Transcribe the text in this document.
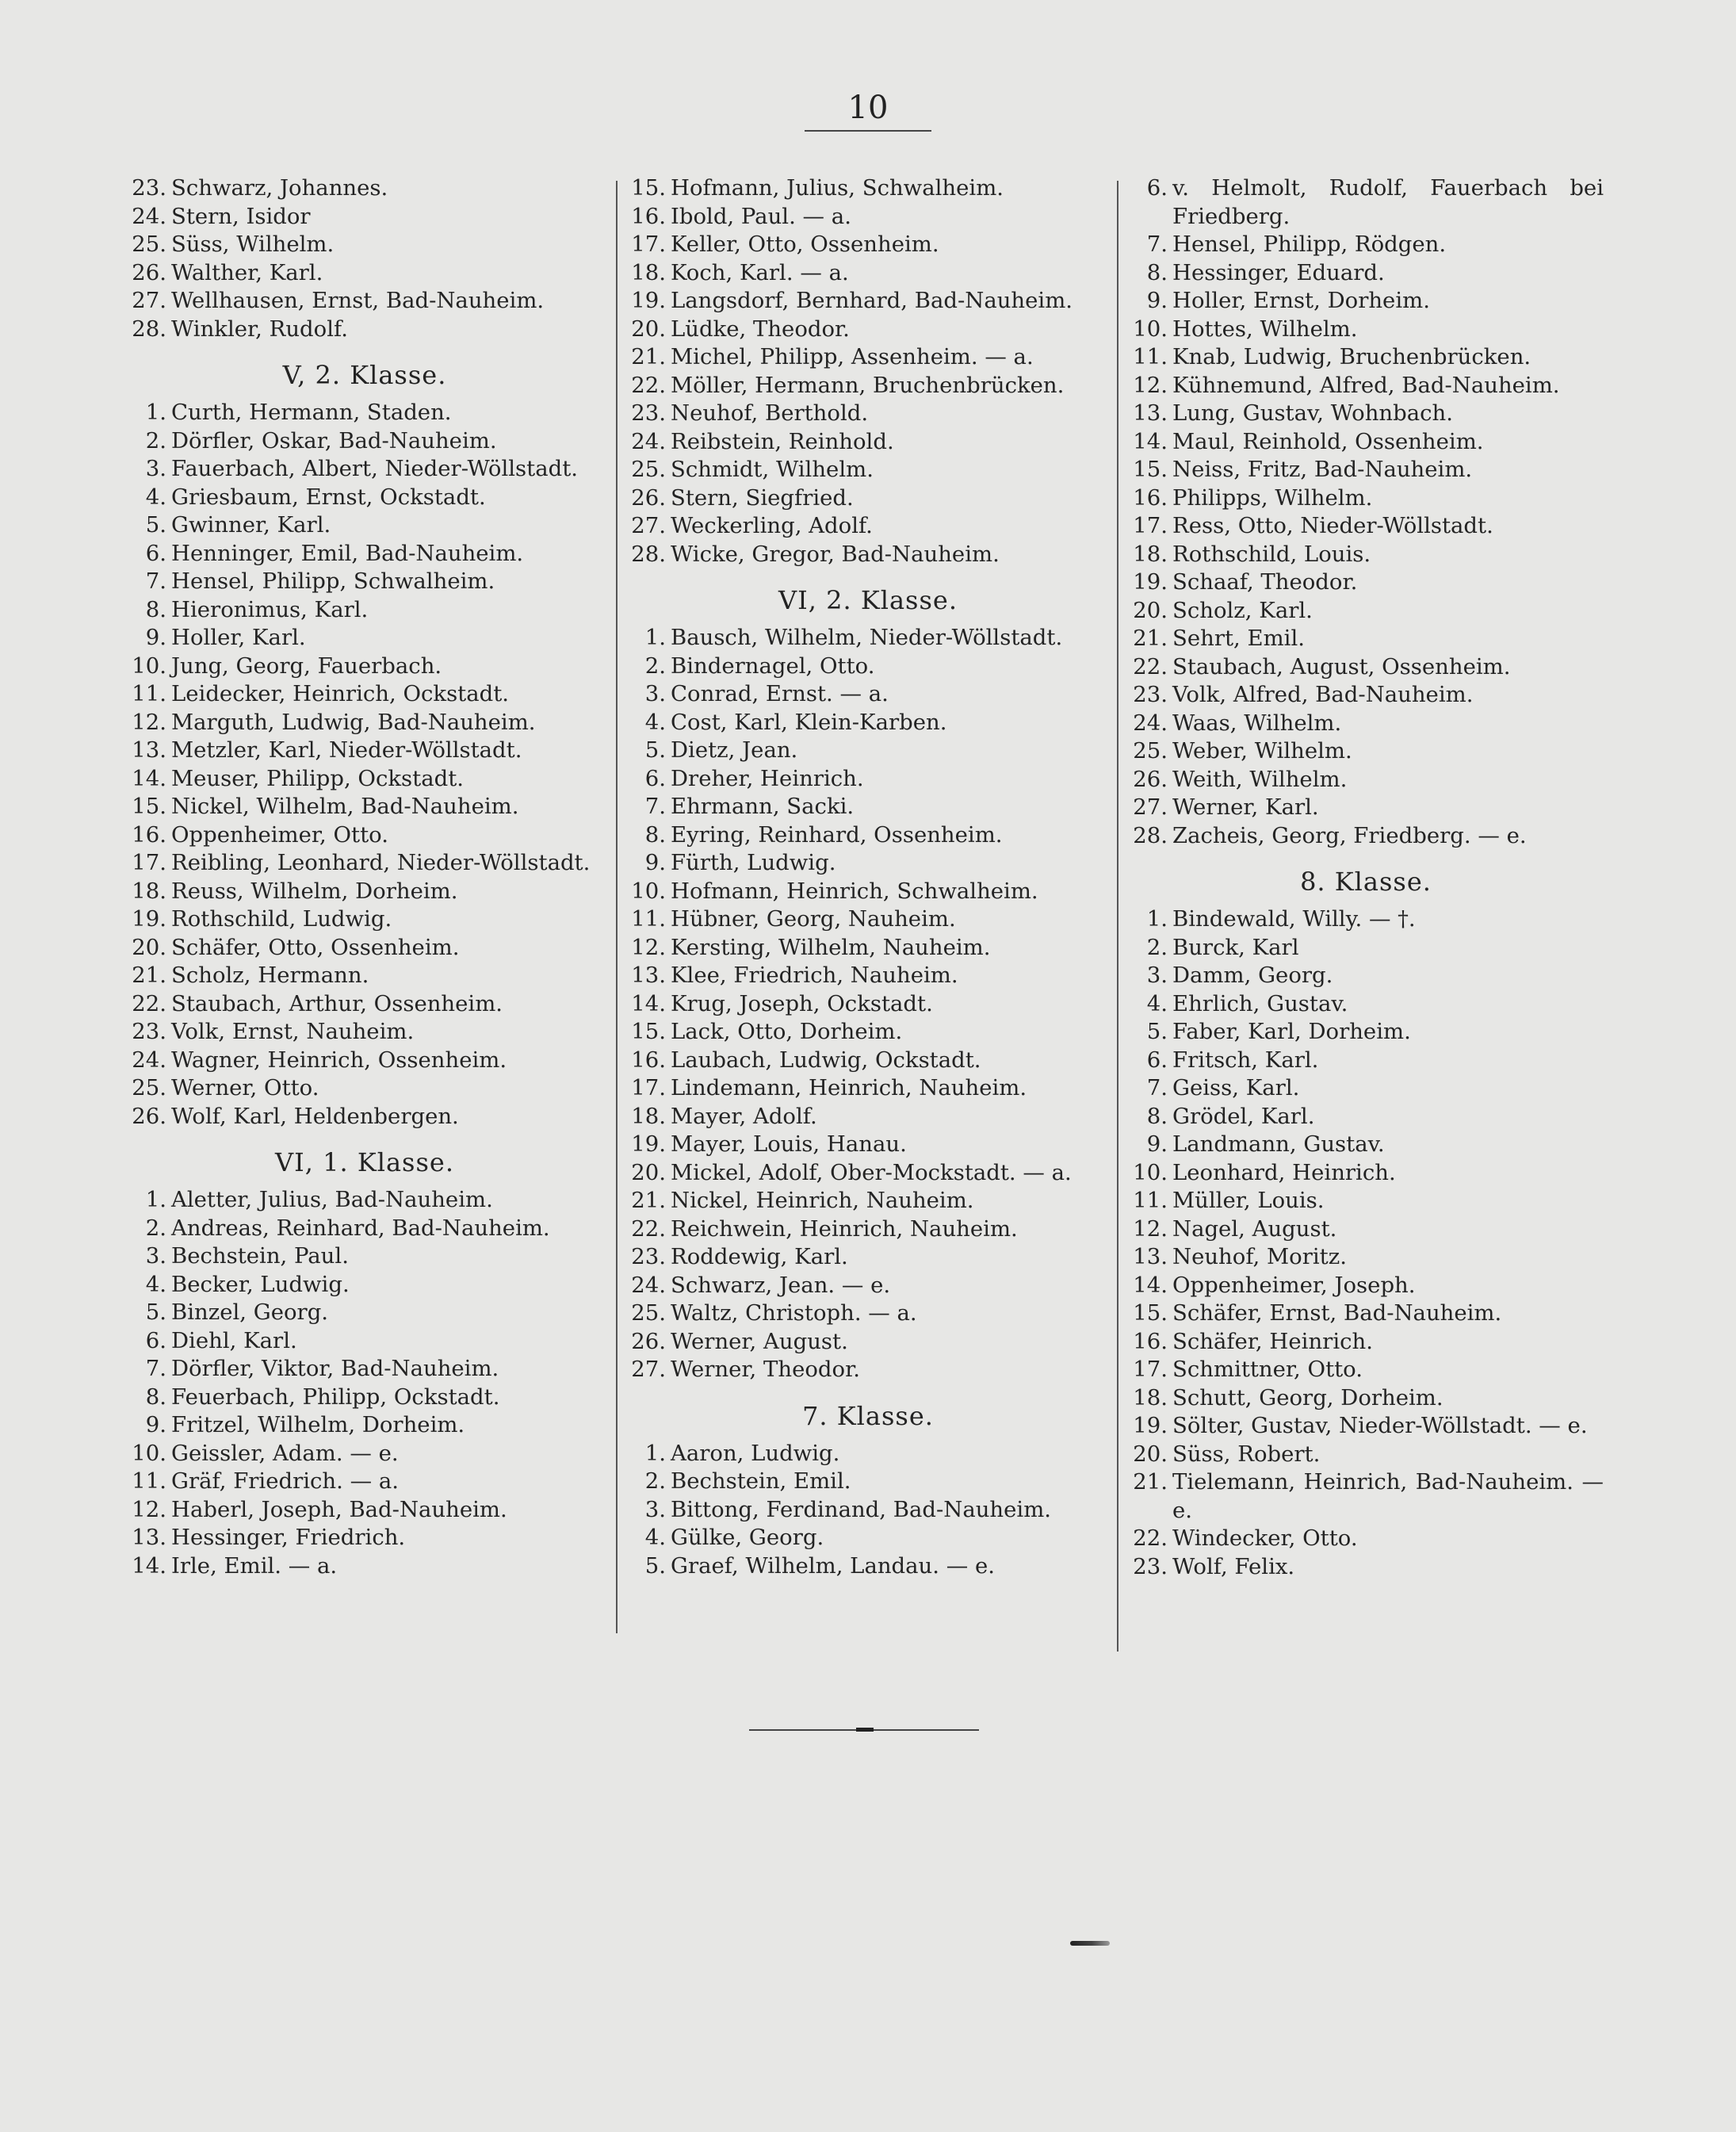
10
23. Schwarz, Johannes.
24. Stern, Isidor
25. Süss, Wilhelm.
26. Walther, Karl.
27. Wellhausen, Ernst, Bad-Nauheim.
28. Winkler, Rudolf.
V, 2. Klasse.
1. Curth, Hermann, Staden.
2. Dörfler, Oskar, Bad-Nauheim.
3. Fauerbach, Albert, Nieder-Wöllstadt.
4. Griesbaum, Ernst, Ockstadt.
5. Gwinner, Karl.
6. Henninger, Emil, Bad-Nauheim.
7. Hensel, Philipp, Schwalheim.
8. Hieronimus, Karl.
9. Holler, Karl.
10. Jung, Georg, Fauerbach.
11. Leidecker, Heinrich, Ockstadt.
12. Marguth, Ludwig, Bad-Nauheim.
13. Metzler, Karl, Nieder-Wöllstadt.
14. Meuser, Philipp, Ockstadt.
15. Nickel, Wilhelm, Bad-Nauheim.
16. Oppenheimer, Otto.
17. Reibling, Leonhard, Nieder-Wöllstadt.
18. Reuss, Wilhelm, Dorheim.
19. Rothschild, Ludwig.
20. Schäfer, Otto, Ossenheim.
21. Scholz, Hermann.
22. Staubach, Arthur, Ossenheim.
23. Volk, Ernst, Nauheim.
24. Wagner, Heinrich, Ossenheim.
25. Werner, Otto.
26. Wolf, Karl, Heldenbergen.
VI, 1. Klasse.
1. Aletter, Julius, Bad-Nauheim.
2. Andreas, Reinhard, Bad-Nauheim.
3. Bechstein, Paul.
4. Becker, Ludwig.
5. Binzel, Georg.
6. Diehl, Karl.
7. Dörfler, Viktor, Bad-Nauheim.
8. Feuerbach, Philipp, Ockstadt.
9. Fritzel, Wilhelm, Dorheim.
10. Geissler, Adam. — e.
11. Gräf, Friedrich. — a.
12. Haberl, Joseph, Bad-Nauheim.
13. Hessinger, Friedrich.
14. Irle, Emil. — a.
15. Hofmann, Julius, Schwalheim.
16. Ibold, Paul. — a.
17. Keller, Otto, Ossenheim.
18. Koch, Karl. — a.
19. Langsdorf, Bernhard, Bad-Nauheim.
20. Lüdke, Theodor.
21. Michel, Philipp, Assenheim. — a.
22. Möller, Hermann, Bruchenbrücken.
23. Neuhof, Berthold.
24. Reibstein, Reinhold.
25. Schmidt, Wilhelm.
26. Stern, Siegfried.
27. Weckerling, Adolf.
28. Wicke, Gregor, Bad-Nauheim.
VI, 2. Klasse.
1. Bausch, Wilhelm, Nieder-Wöllstadt.
2. Bindernagel, Otto.
3. Conrad, Ernst. — a.
4. Cost, Karl, Klein-Karben.
5. Dietz, Jean.
6. Dreher, Heinrich.
7. Ehrmann, Sacki.
8. Eyring, Reinhard, Ossenheim.
9. Fürth, Ludwig.
10. Hofmann, Heinrich, Schwalheim.
11. Hübner, Georg, Nauheim.
12. Kersting, Wilhelm, Nauheim.
13. Klee, Friedrich, Nauheim.
14. Krug, Joseph, Ockstadt.
15. Lack, Otto, Dorheim.
16. Laubach, Ludwig, Ockstadt.
17. Lindemann, Heinrich, Nauheim.
18. Mayer, Adolf.
19. Mayer, Louis, Hanau.
20. Mickel, Adolf, Ober-Mockstadt. — a.
21. Nickel, Heinrich, Nauheim.
22. Reichwein, Heinrich, Nauheim.
23. Roddewig, Karl.
24. Schwarz, Jean. — e.
25. Waltz, Christoph. — a.
26. Werner, August.
27. Werner, Theodor.
7. Klasse.
1. Aaron, Ludwig.
2. Bechstein, Emil.
3. Bittong, Ferdinand, Bad-Nauheim.
4. Gülke, Georg.
5. Graef, Wilhelm, Landau. — e.
6. v. Helmolt, Rudolf, Fauerbach bei Friedberg.
7. Hensel, Philipp, Rödgen.
8. Hessinger, Eduard.
9. Holler, Ernst, Dorheim.
10. Hottes, Wilhelm.
11. Knab, Ludwig, Bruchenbrücken.
12. Kühnemund, Alfred, Bad-Nauheim.
13. Lung, Gustav, Wohnbach.
14. Maul, Reinhold, Ossenheim.
15. Neiss, Fritz, Bad-Nauheim.
16. Philipps, Wilhelm.
17. Ress, Otto, Nieder-Wöllstadt.
18. Rothschild, Louis.
19. Schaaf, Theodor.
20. Scholz, Karl.
21. Sehrt, Emil.
22. Staubach, August, Ossenheim.
23. Volk, Alfred, Bad-Nauheim.
24. Waas, Wilhelm.
25. Weber, Wilhelm.
26. Weith, Wilhelm.
27. Werner, Karl.
28. Zacheis, Georg, Friedberg. — e.
8. Klasse.
1. Bindewald, Willy. — †.
2. Burck, Karl
3. Damm, Georg.
4. Ehrlich, Gustav.
5. Faber, Karl, Dorheim.
6. Fritsch, Karl.
7. Geiss, Karl.
8. Grödel, Karl.
9. Landmann, Gustav.
10. Leonhard, Heinrich.
11. Müller, Louis.
12. Nagel, August.
13. Neuhof, Moritz.
14. Oppenheimer, Joseph.
15. Schäfer, Ernst, Bad-Nauheim.
16. Schäfer, Heinrich.
17. Schmittner, Otto.
18. Schutt, Georg, Dorheim.
19. Sölter, Gustav, Nieder-Wöllstadt. — e.
20. Süss, Robert.
21. Tielemann, Heinrich, Bad-Nauheim. — e.
22. Windecker, Otto.
23. Wolf, Felix.
